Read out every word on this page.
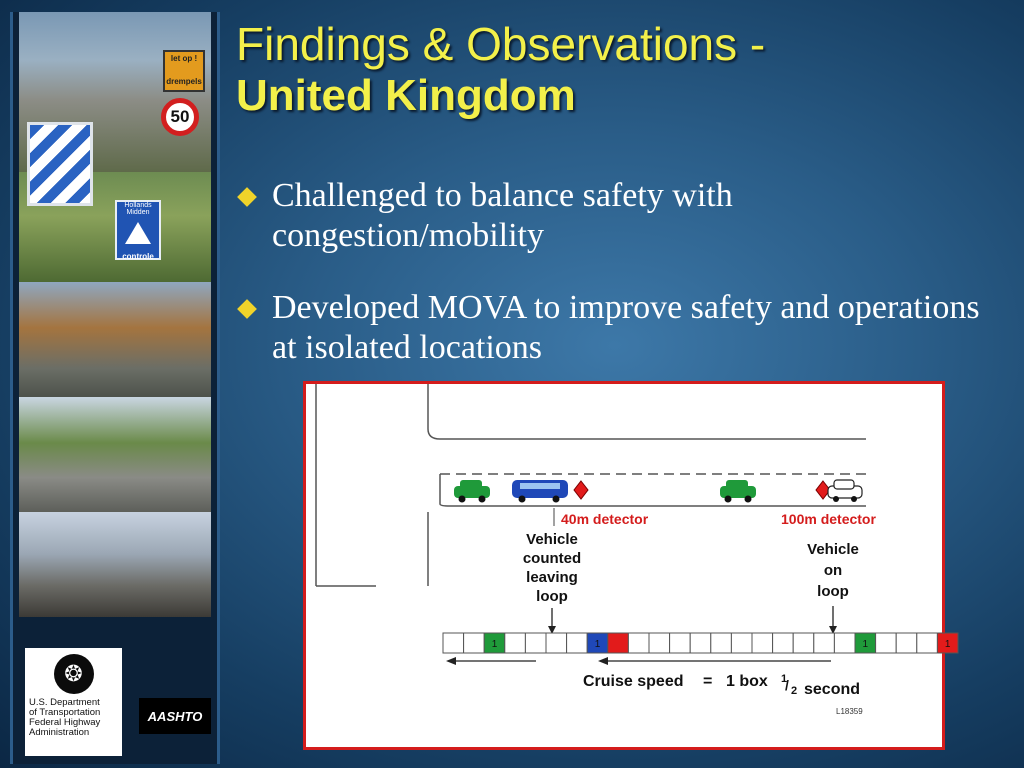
let op !
drempels
50
Hollands Midden
controle
❂
U.S. Department
of Transportation
Federal Highway
Administration
AASHTO
Findings & Observations -
United Kingdom
Challenged to balance safety with congestion/mobility
Developed MOVA to improve safety and operations at isolated locations
40m detector	100m detector
Vehicle
counted
leaving
loop
Vehicle
on
loop
1	1	1	1
Cruise speed = 1 box 1
/ 2 second
L18359
